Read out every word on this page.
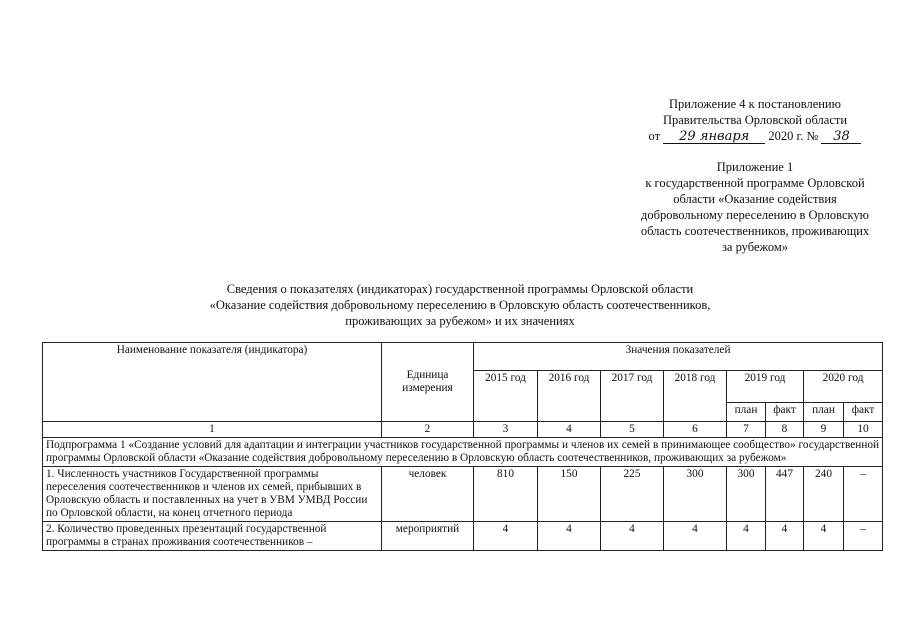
Приложение 4 к постановлению
Правительства Орловской области
от 29 января 2020 г. № 38
Приложение 1
к государственной программе Орловской
области «Оказание содействия
добровольному переселению в Орловскую
область соотечественников, проживающих
за рубежом»
Сведения о показателях (индикаторах) государственной программы Орловской области
«Оказание содействия добровольному переселению в Орловскую область соотечественников,
проживающих за рубежом» и их значениях
Наименование показателя (индикатора)	Единица измерения	Значения показателей							
		2015 год	2016 год	2017 год	2018 год	2019 год		2020 год	
						план	факт	план	факт
1	2	3	4	5	6	7	8	9	10
Подпрограмма 1 «Создание условий для адаптации и интеграции участников государственной программы и членов их семей в принимающее сообщество» государственной программы Орловской области «Оказание содействия добровольному переселению в Орловскую область соотечественников, проживающих за рубежом»									
1. Численность участников Государственной программы переселения соотечественников и членов их семей, прибывших в Орловскую область и поставленных на учет в УВМ УМВД России по Орловской области, на конец отчетного периода	человек	810	150	225	300	300	447	240	–
2. Количество проведенных презентаций государственной программы в странах проживания соотечественников –	мероприятий	4	4	4	4	4	4	4	–
